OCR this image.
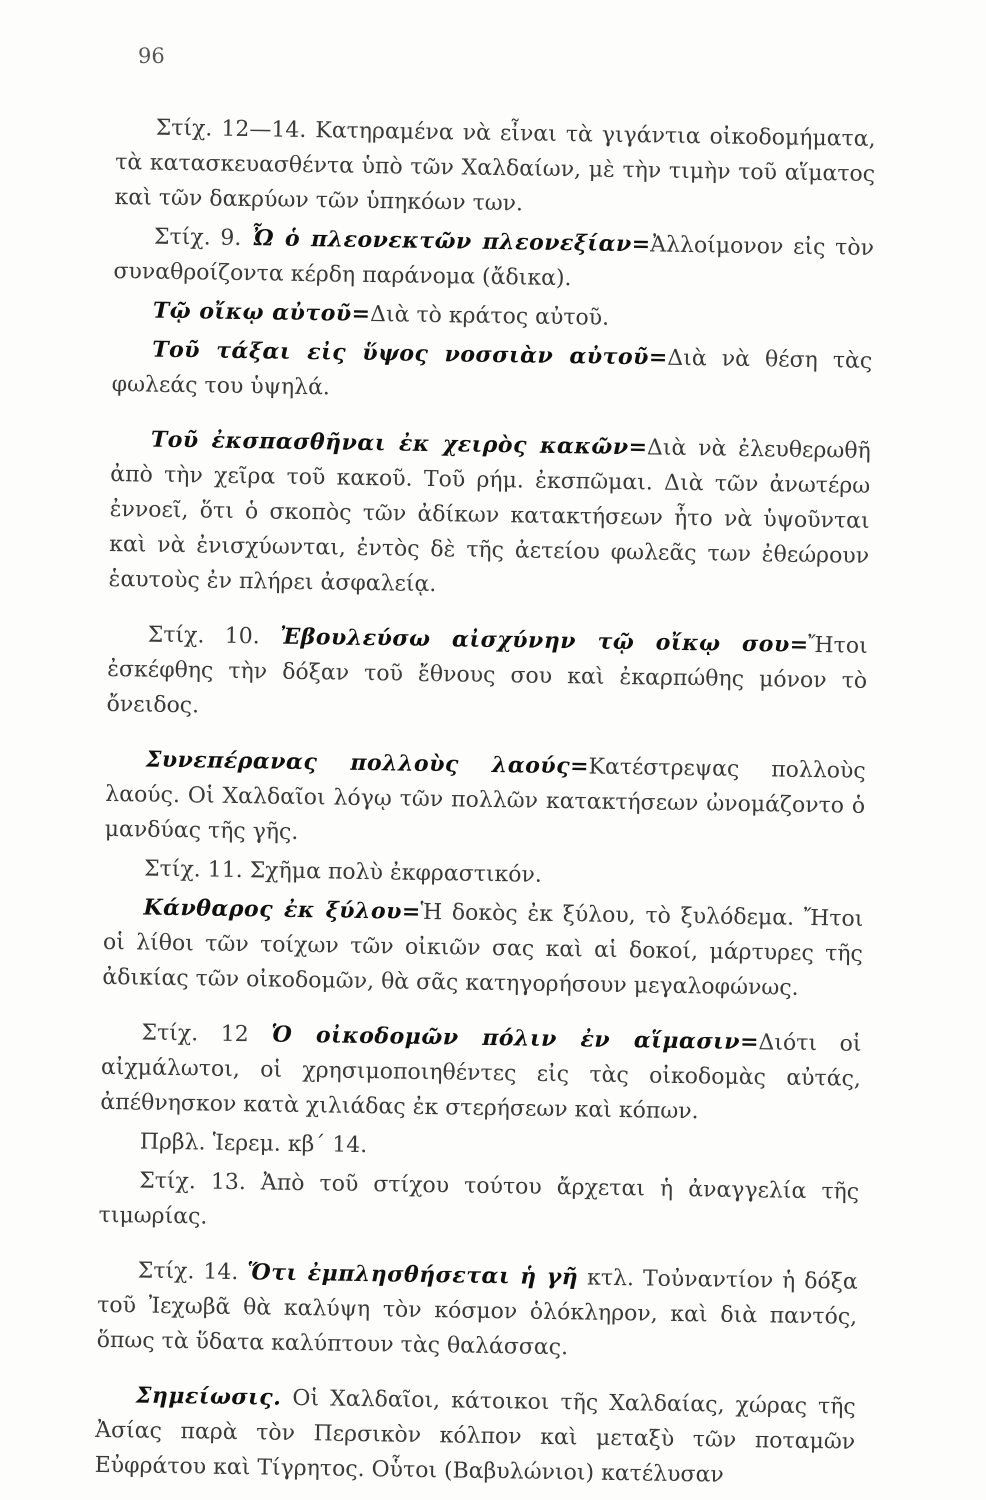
96

Στίχ. 12—14. Κατηραμένα νὰ εἶναι τὰ γιγάντια οἰκοδομήματα, τὰ κατασκευασθέντα ὑπὸ τῶν Χαλδαίων, μὲ τὴν τιμὴν τοῦ αἵματος καὶ τῶν δακρύων τῶν ὑπηκόων των.

Στίχ. 9. Ὦ ὁ πλεονεκτῶν πλεονεξίαν=Ἀλλοίμονον εἰς τὸν συναθροίζοντα κέρδη παράνομα (ἄδικα).

Τῷ οἴκῳ αὐτοῦ=Διὰ τὸ κράτος αὐτοῦ.

Τοῦ τάξαι εἰς ὕψος νοσσιὰν αὐτοῦ=Διὰ νὰ θέση τὰς φωλεάς του ὑψηλά.

Τοῦ ἐκσπασθῆναι ἐκ χειρὸς κακῶν=Διὰ νὰ ἐλευθερωθῆ ἀπὸ τὴν χεῖρα τοῦ κακοῦ. Τοῦ ρήμ. ἐκσπῶμαι. Διὰ τῶν ἀνωτέρω ἐννοεῖ, ὅτι ὁ σκοπὸς τῶν ἀδίκων κατακτήσεων ἦτο νὰ ὑψοῦνται καὶ νὰ ἐνισχύωνται, ἐντὸς δὲ τῆς ἀετείου φωλεᾶς των ἐθεώρουν ἑαυτοὺς ἐν πλήρει ἀσφαλείᾳ.

Στίχ. 10. Ἐβουλεύσω αἰσχύνην τῷ οἴκῳ σου=Ἤτοι ἐσκέφθης τὴν δόξαν τοῦ ἔθνους σου καὶ ἐκαρπώθης μόνον τὸ ὄνειδος.

Συνεπέρανας πολλοὺς λαούς=Κατέστρεψας πολλοὺς λαούς. Οἱ Χαλδαῖοι λόγῳ τῶν πολλῶν κατακτήσεων ὠνομάζοντο ὁ μανδύας τῆς γῆς.

Στίχ. 11. Σχῆμα πολὺ ἐκφραστικόν.

Κάνθαρος ἐκ ξύλου=Ἡ δοκὸς ἐκ ξύλου, τὸ ξυλόδεμα. Ἤτοι οἱ λίθοι τῶν τοίχων τῶν οἰκιῶν σας καὶ αἱ δοκοί, μάρτυρες τῆς ἀδικίας τῶν οἰκοδομῶν, θὰ σᾶς κατηγορήσουν μεγαλοφώνως.

Στίχ. 12 Ὁ οἰκοδομῶν πόλιν ἐν αἵμασιν=Διότι οἱ αἰχμάλωτοι, οἱ χρησιμοποιηθέντες εἰς τὰς οἰκοδομὰς αὐτάς, ἀπέθνησκον κατὰ χιλιάδας ἐκ στερήσεων καὶ κόπων.

Πρβλ. Ἱερεμ. κβ΄ 14.

Στίχ. 13. Ἀπὸ τοῦ στίχου τούτου ἄρχεται ἡ ἀναγγελία τῆς τιμωρίας.

Στίχ. 14. Ὅτι ἐμπλησθήσεται ἡ γῆ κτλ. Τοὐναντίον ἡ δόξα τοῦ Ἰεχωβᾶ θὰ καλύψη τὸν κόσμον ὁλόκληρον, καὶ διὰ παντός, ὅπως τὰ ὕδατα καλύπτουν τὰς θαλάσσας.

Σημείωσις. Οἱ Χαλδαῖοι, κάτοικοι τῆς Χαλδαίας, χώρας τῆς Ἀσίας παρὰ τὸν Περσικὸν κόλπον καὶ μεταξὺ τῶν ποταμῶν Εὐφράτου καὶ Τίγρητος. Οὗτοι (Βαβυλώνιοι) κατέλυσαν
